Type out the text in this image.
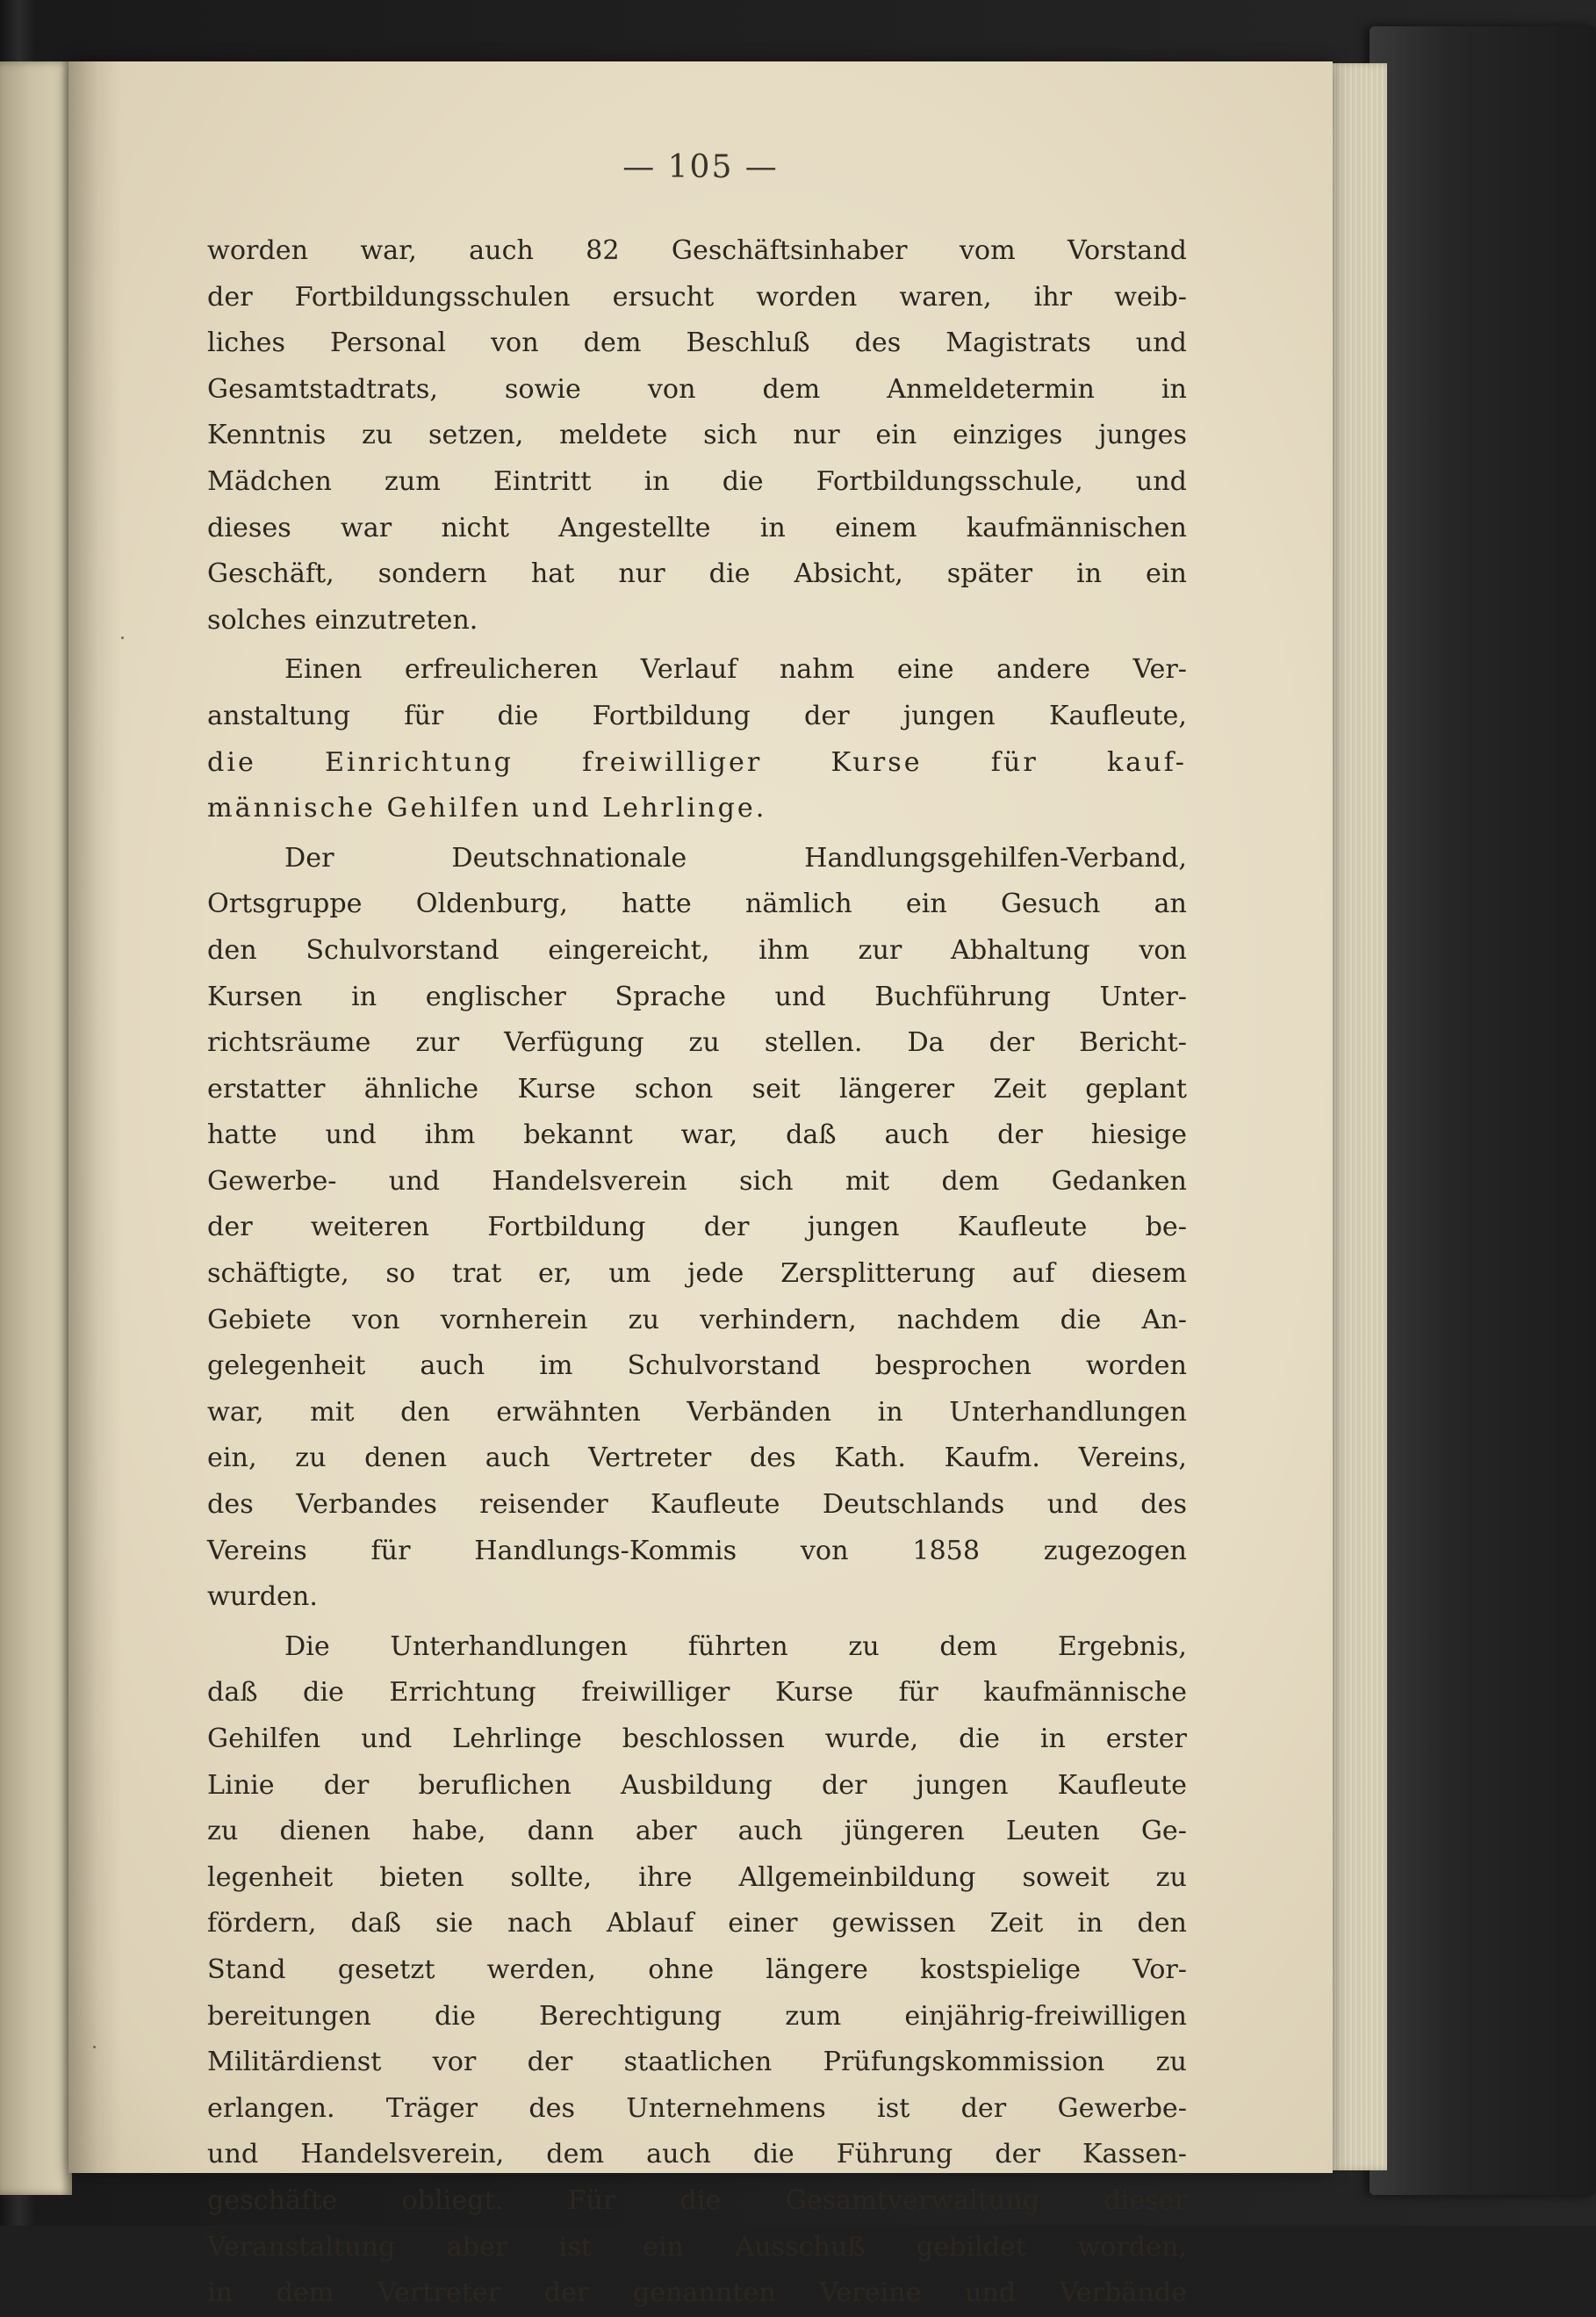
— 105 —
worden war, auch 82 Geschäftsinhaber vom Vorstand
der Fortbildungsschulen ersucht worden waren, ihr weib-
liches Personal von dem Beschluß des Magistrats und
Gesamtstadtrats, sowie von dem Anmeldetermin in
Kenntnis zu setzen, meldete sich nur ein einziges junges
Mädchen zum Eintritt in die Fortbildungsschule, und
dieses war nicht Angestellte in einem kaufmännischen
Geschäft, sondern hat nur die Absicht, später in ein
solches einzutreten.
Einen erfreulicheren Verlauf nahm eine andere Ver-
anstaltung für die Fortbildung der jungen Kaufleute,
die Einrichtung freiwilliger Kurse für kauf-
männische Gehilfen und Lehrlinge.
Der Deutschnationale Handlungsgehilfen-Verband,
Ortsgruppe Oldenburg, hatte nämlich ein Gesuch an
den Schulvorstand eingereicht, ihm zur Abhaltung von
Kursen in englischer Sprache und Buchführung Unter-
richtsräume zur Verfügung zu stellen. Da der Bericht-
erstatter ähnliche Kurse schon seit längerer Zeit geplant
hatte und ihm bekannt war, daß auch der hiesige
Gewerbe- und Handelsverein sich mit dem Gedanken
der weiteren Fortbildung der jungen Kaufleute be-
schäftigte, so trat er, um jede Zersplitterung auf diesem
Gebiete von vornherein zu verhindern, nachdem die An-
gelegenheit auch im Schulvorstand besprochen worden
war, mit den erwähnten Verbänden in Unterhandlungen
ein, zu denen auch Vertreter des Kath. Kaufm. Vereins,
des Verbandes reisender Kaufleute Deutschlands und des
Vereins für Handlungs-Kommis von 1858 zugezogen
wurden.
Die Unterhandlungen führten zu dem Ergebnis,
daß die Errichtung freiwilliger Kurse für kaufmännische
Gehilfen und Lehrlinge beschlossen wurde, die in erster
Linie der beruflichen Ausbildung der jungen Kaufleute
zu dienen habe, dann aber auch jüngeren Leuten Ge-
legenheit bieten sollte, ihre Allgemeinbildung soweit zu
fördern, daß sie nach Ablauf einer gewissen Zeit in den
Stand gesetzt werden, ohne längere kostspielige Vor-
bereitungen die Berechtigung zum einjährig-freiwilligen
Militärdienst vor der staatlichen Prüfungskommission zu
erlangen. Träger des Unternehmens ist der Gewerbe-
und Handelsverein, dem auch die Führung der Kassen-
geschäfte obliegt. Für die Gesamtverwaltung dieser
Veranstaltung aber ist ein Ausschuß gebildet worden,
in dem Vertreter der genannten Vereine und Verbände
